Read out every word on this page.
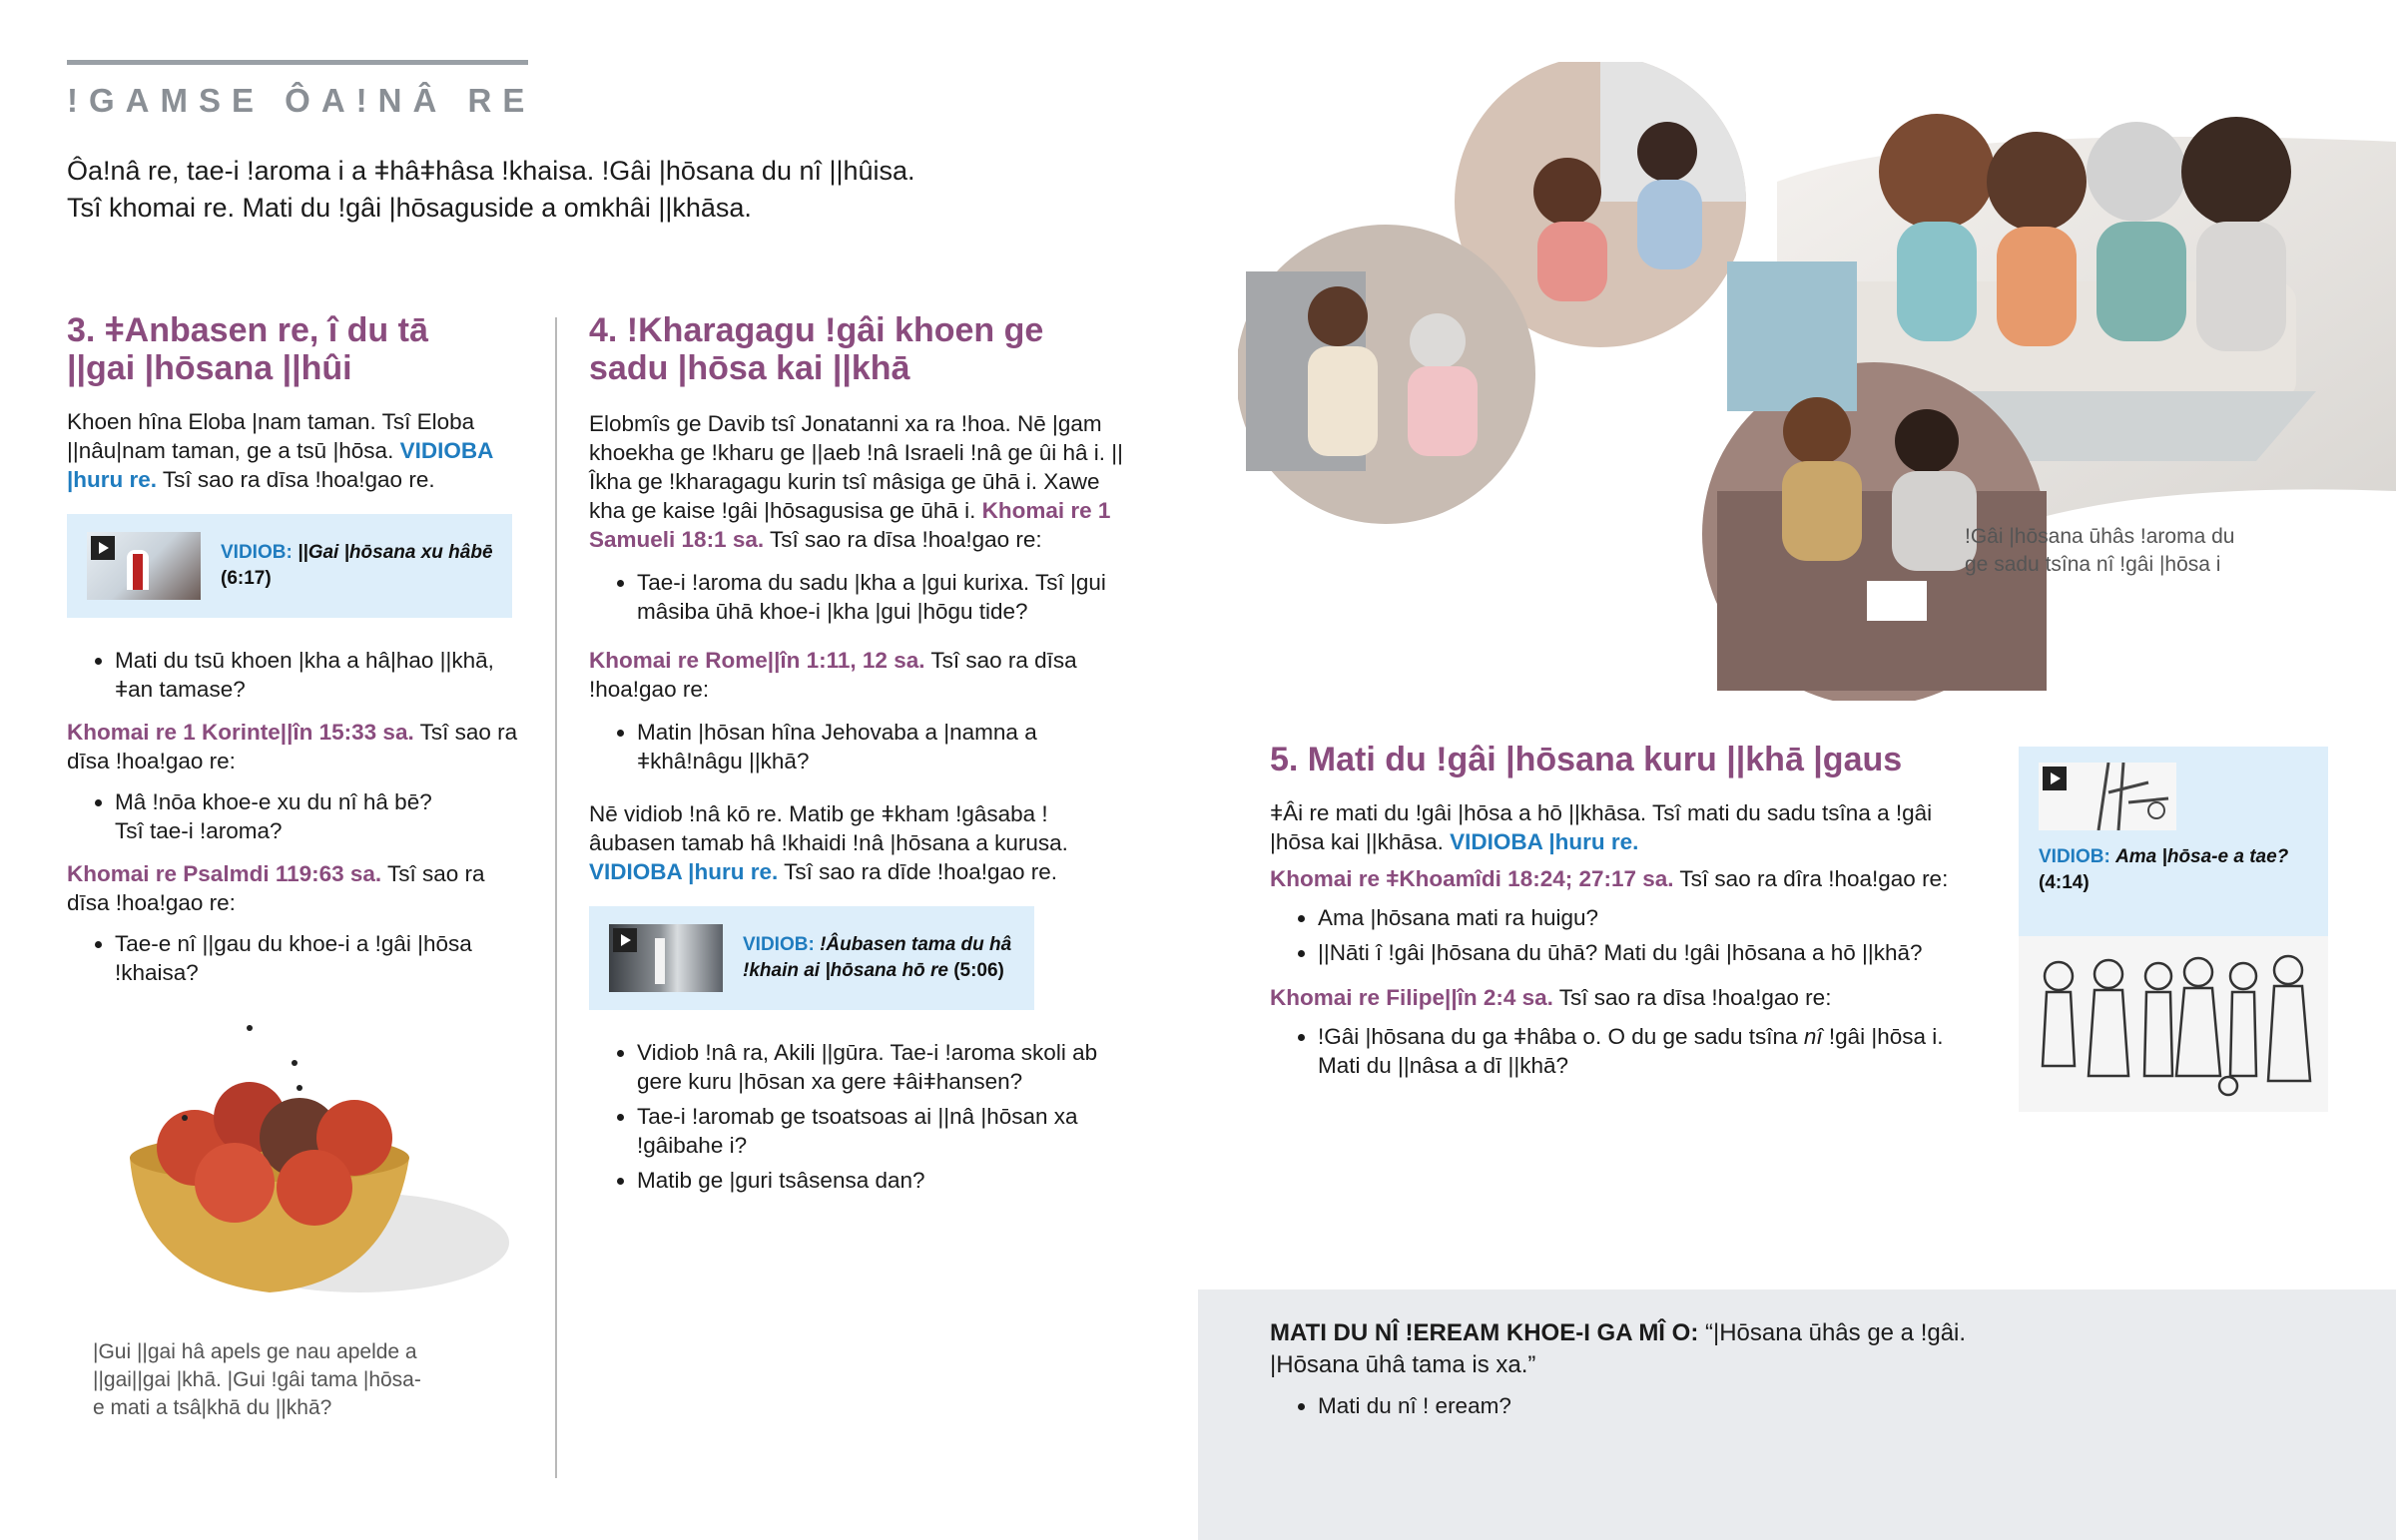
!GAMSE ÔA!NÂ RE
Ôa!nâ re, tae-i !aroma i a ǂhâǂhâsa !khaisa. !Gâi |hōsana du nî ||hûisa.
Tsî khomai re. Mati du !gâi |hōsaguside a omkhâi ||khāsa.
3. ǂAnbasen re, î du tā
||gai |hōsana ||hûi

Khoen hîna Eloba |nam taman. Tsî Eloba ||nâu|nam taman, ge a tsū |hōsa. VIDIOBA |huru re. Tsî sao ra dīsa !hoa!gao re.

VIDIOB: ||Gai |hōsana xu hâbē
(6:17)
• Mati du tsū khoen |kha a hâ|hao ||khā, ǂan tamase?

Khomai re 1 Korinte||în 15:33 sa. Tsî sao ra dīsa !hoa!gao re:

• Mâ !nōa khoe-e xu du nî hâ bē?
Tsî tae-i !aroma?

Khomai re Psalmdi 119:63 sa. Tsî sao ra dīsa !hoa!gao re:

• Tae-e nî ||gau du khoe-i a !gâi |hōsa !khaisa?
|Gui ||gai hâ apels ge nau apelde a ||gai||gai |khā. |Gui !gâi tama |hōsa-e mati a tsâ|khā du ||khā?
4. !Kharagagu !gâi khoen ge
sadu |hōsa kai ||khā

Elobmîs ge Davib tsî Jonatanni xa ra !hoa. Nē |gam khoekha ge !kharu ge ||aeb !nâ Israeli !nâ ge ûi hâ i. ||Îkha ge !kharagagu kurin tsî mâsiga ge ūhā i. Xawe kha ge kaise !gâi |hōsagusisa ge ūhā i. Khomai re 1 Samueli 18:1 sa. Tsî sao ra dīsa !hoa!gao re:

• Tae-i !aroma du sadu |kha a |gui kurixa. Tsî |gui mâsiba ūhā khoe-i |kha |gui |hōgu tide?

Khomai re Rome||în 1:11, 12 sa. Tsî sao ra dīsa !hoa!gao re:

• Matin |hōsan hîna Jehovaba a |namna a ǂkhâ!nâgu ||khā?

Nē vidiob !nâ kō re. Matib ge ǂkham !gâsaba !âubasen tamab hâ !khaidi !nâ |hōsana a kurusa. VIDIOBA |huru re. Tsî sao ra dīde !hoa!gao re.

VIDIOB: !Âubasen tama du hâ
!khain ai |hōsana hō re (5:06)
• Vidiob !nâ ra, Akili ||gūra. Tae-i !aroma skoli ab gere kuru |hōsan xa gere ǂâiǂhansen?
• Tae-i !aromab ge tsoatsoas ai ||nâ |hōsan xa !gâibahe i?
• Matib ge |guri tsâsensa dan?
!Gâi |hōsana ūhâs !aroma du ge sadu tsîna nî !gâi |hōsa i
5. Mati du !gâi |hōsana kuru ||khā |gaus

ǂÂi re mati du !gâi |hōsa a hō ||khāsa. Tsî mati du sadu tsîna a !gâi |hōsa kai ||khāsa. VIDIOBA |huru re.

Khomai re ǂKhoamîdi 18:24; 27:17 sa. Tsî sao ra dîra !hoa!gao re:

• Ama |hōsana mati ra huigu?
• ||Nāti î !gâi |hōsana du ūhā? Mati du !gâi |hōsana a hō ||khā?

Khomai re Filipe||în 2:4 sa. Tsî sao ra dīsa !hoa!gao re:

• !Gâi |hōsana du ga ǂhâba o. O du ge sadu tsîna nî !gâi |hōsa i. Mati du ||nâsa a dī ||khā?
VIDIOB: Ama |hōsa-e a tae?
(4:14)

MATI DU NÎ !EREAM KHOE-I GA MÎ O: “|Hōsana ūhâs ge a !gâi.
|Hōsana ūhâ tama is xa.”

• Mati du nî ! eream?
